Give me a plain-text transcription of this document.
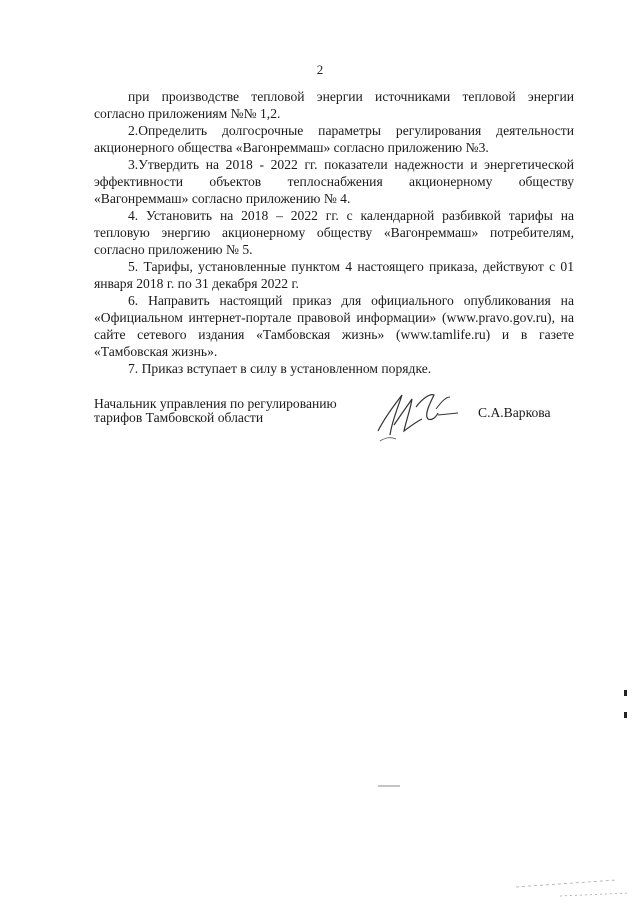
2

при производстве тепловой энергии источниками тепловой энергии согласно приложениям №№ 1,2.

2.Определить долгосрочные параметры регулирования деятельности акционерного общества «Вагонреммаш» согласно приложению №3.

3.Утвердить на 2018 - 2022 гг. показатели надежности и энергетической эффективности объектов теплоснабжения акционерному обществу «Вагонреммаш» согласно приложению № 4.

4. Установить на 2018 – 2022 гг. с календарной разбивкой тарифы на тепловую энергию акционерному обществу «Вагонреммаш» потребителям, согласно приложению № 5.

5. Тарифы, установленные пунктом 4 настоящего приказа, действуют с 01 января 2018 г. по 31 декабря 2022 г.

6. Направить настоящий приказ для официального опубликования на «Официальном интернет-портале правовой информации» (www.pravo.gov.ru), на сайте сетевого издания «Тамбовская жизнь» (www.tamlife.ru) и в газете «Тамбовская жизнь».

7. Приказ вступает в силу в установленном порядке.

Начальник управления по регулированию
тарифов Тамбовской области	С.А.Варкова
